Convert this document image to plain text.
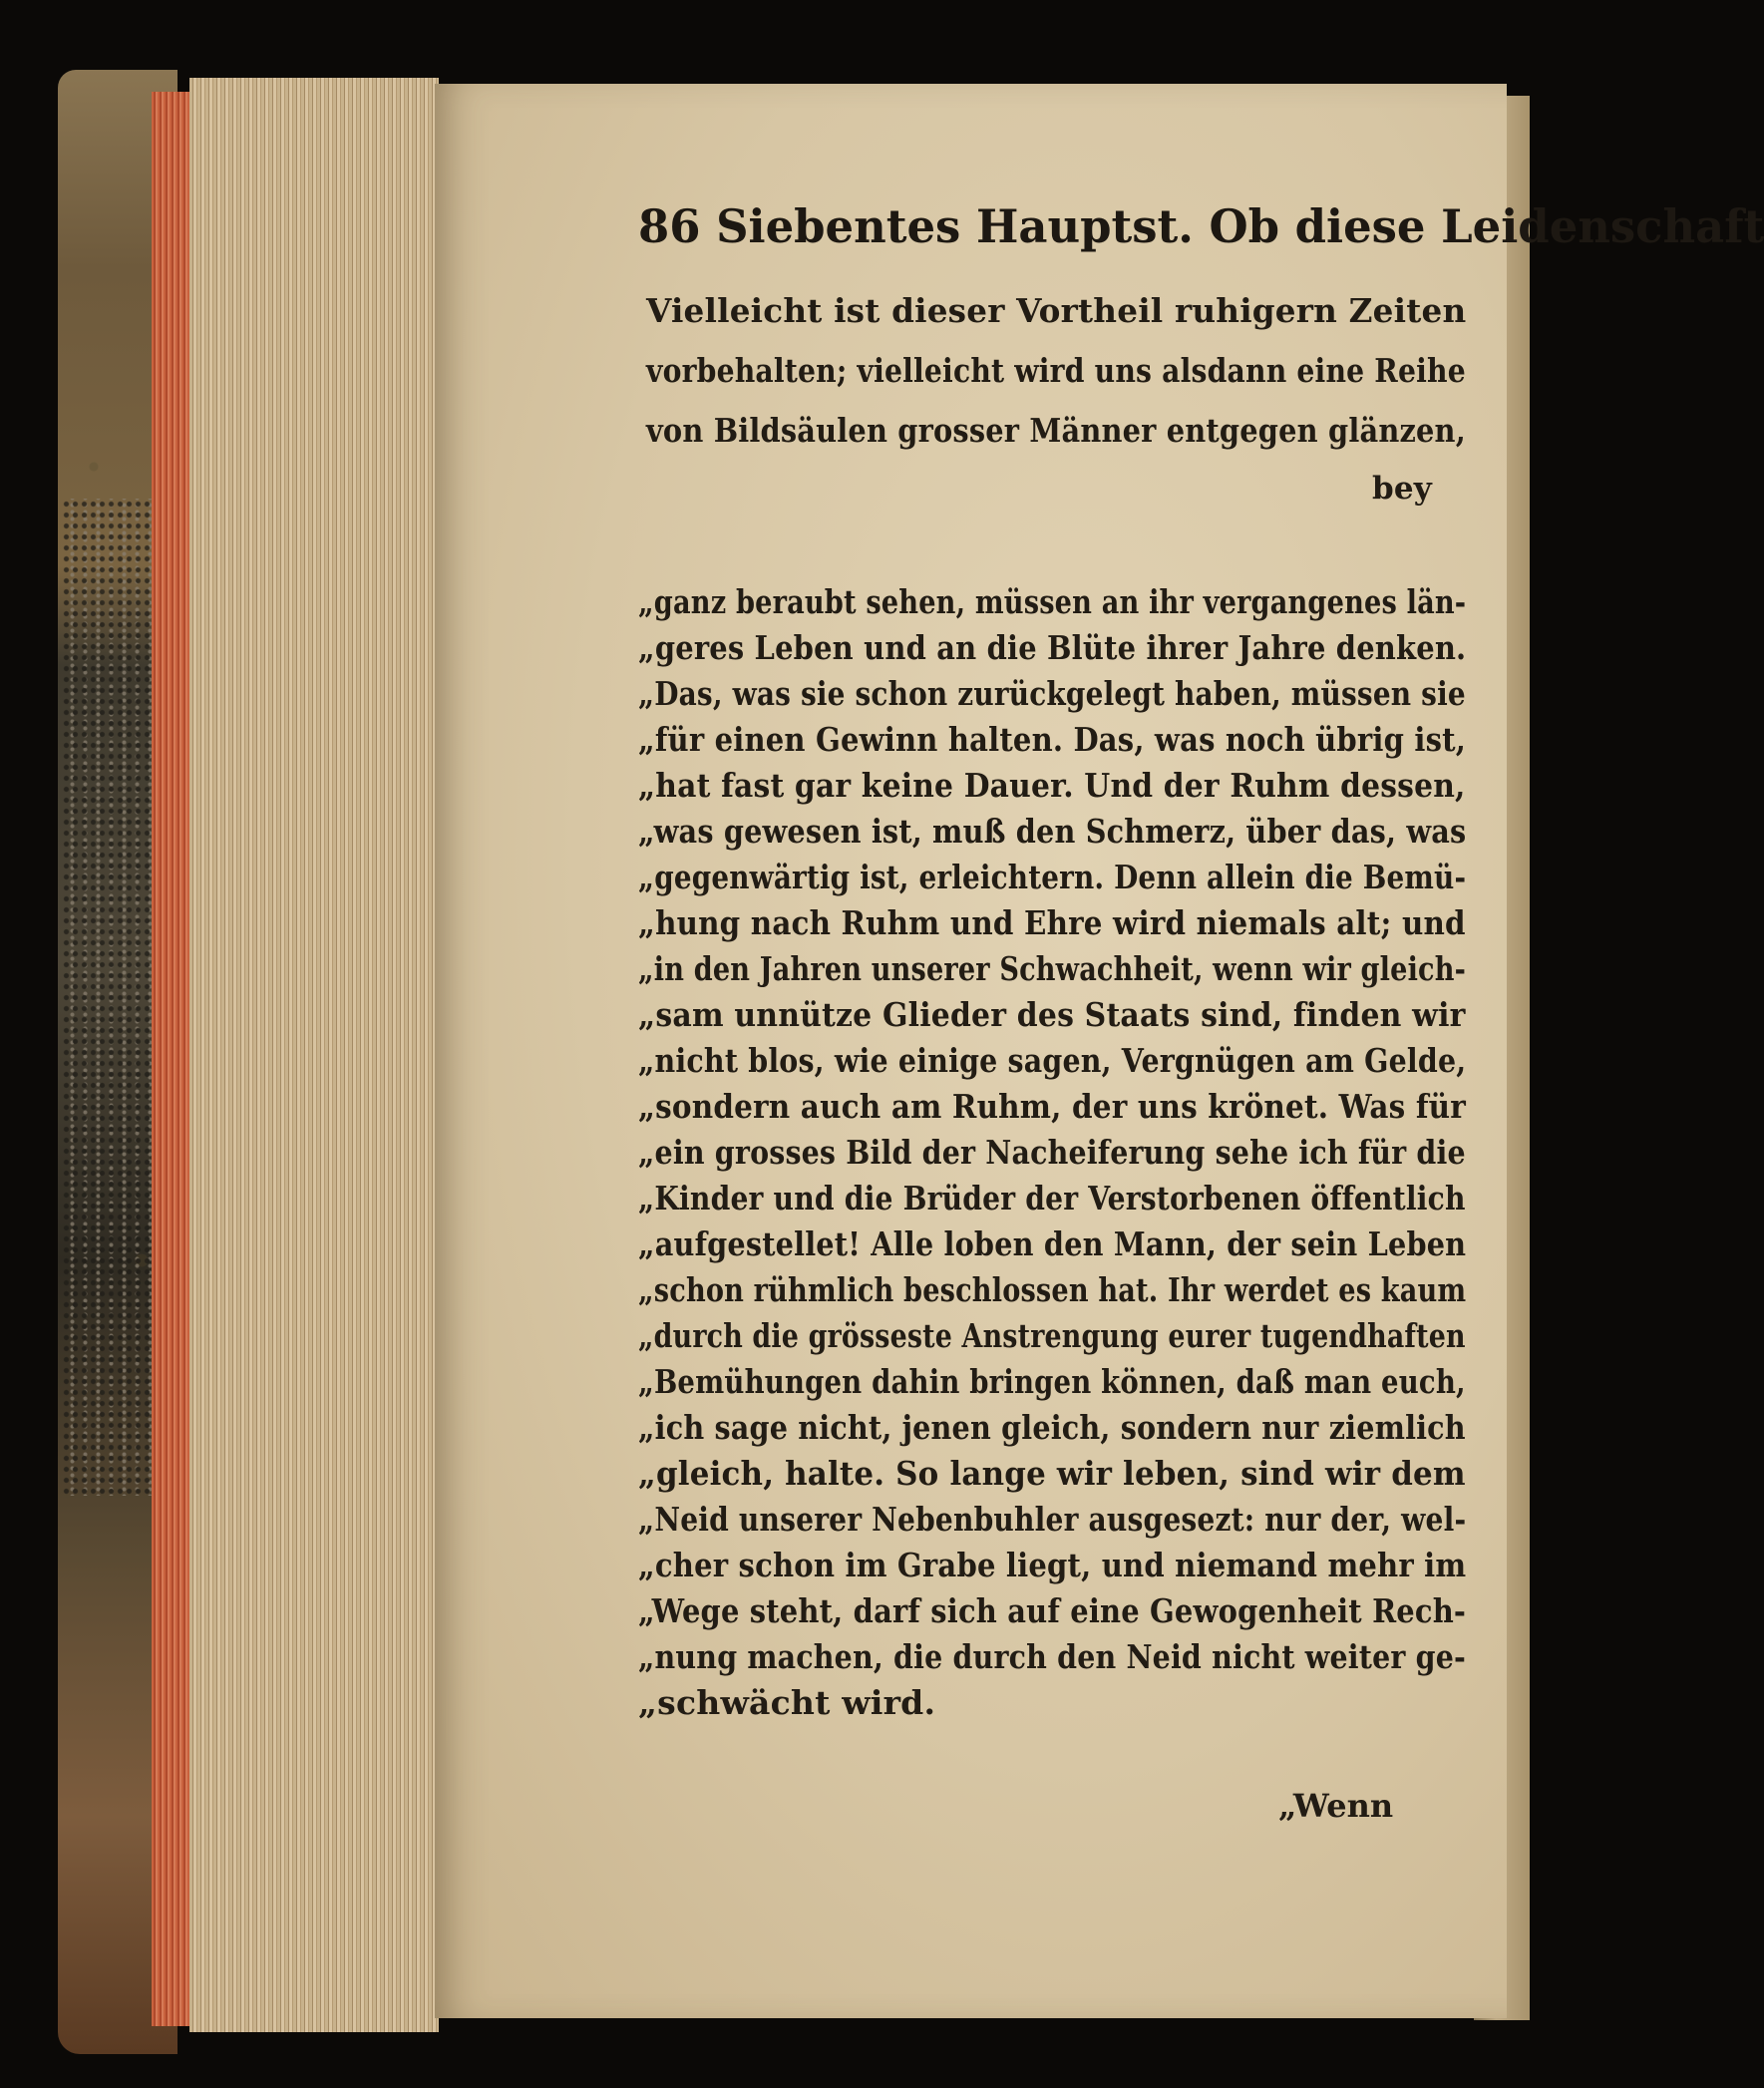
86 Siebentes Hauptst. Ob diese Leidenschaft
Vielleicht ist dieser Vortheil ruhigern Zeiten
vorbehalten; vielleicht wird uns alsdann eine Reihe
von Bildsäulen grosser Männer entgegen glänzen,
bey
„ganz beraubt sehen, müssen an ihr vergangenes län-
„geres Leben und an die Blüte ihrer Jahre denken.
„Das, was sie schon zurückgelegt haben, müssen sie
„für einen Gewinn halten. Das, was noch übrig ist,
„hat fast gar keine Dauer. Und der Ruhm dessen,
„was gewesen ist, muß den Schmerz, über das, was
„gegenwärtig ist, erleichtern. Denn allein die Bemü-
„hung nach Ruhm und Ehre wird niemals alt; und
„in den Jahren unserer Schwachheit, wenn wir gleich-
„sam unnütze Glieder des Staats sind, finden wir
„nicht blos, wie einige sagen, Vergnügen am Gelde,
„sondern auch am Ruhm, der uns krönet. Was für
„ein grosses Bild der Nacheiferung sehe ich für die
„Kinder und die Brüder der Verstorbenen öffentlich
„aufgestellet! Alle loben den Mann, der sein Leben
„schon rühmlich beschlossen hat. Ihr werdet es kaum
„durch die grösseste Anstrengung eurer tugendhaften
„Bemühungen dahin bringen können, daß man euch,
„ich sage nicht, jenen gleich, sondern nur ziemlich
„gleich, halte. So lange wir leben, sind wir dem
„Neid unserer Nebenbuhler ausgesezt: nur der, wel-
„cher schon im Grabe liegt, und niemand mehr im
„Wege steht, darf sich auf eine Gewogenheit Rech-
„nung machen, die durch den Neid nicht weiter ge-
„schwächt wird.
„Wenn
